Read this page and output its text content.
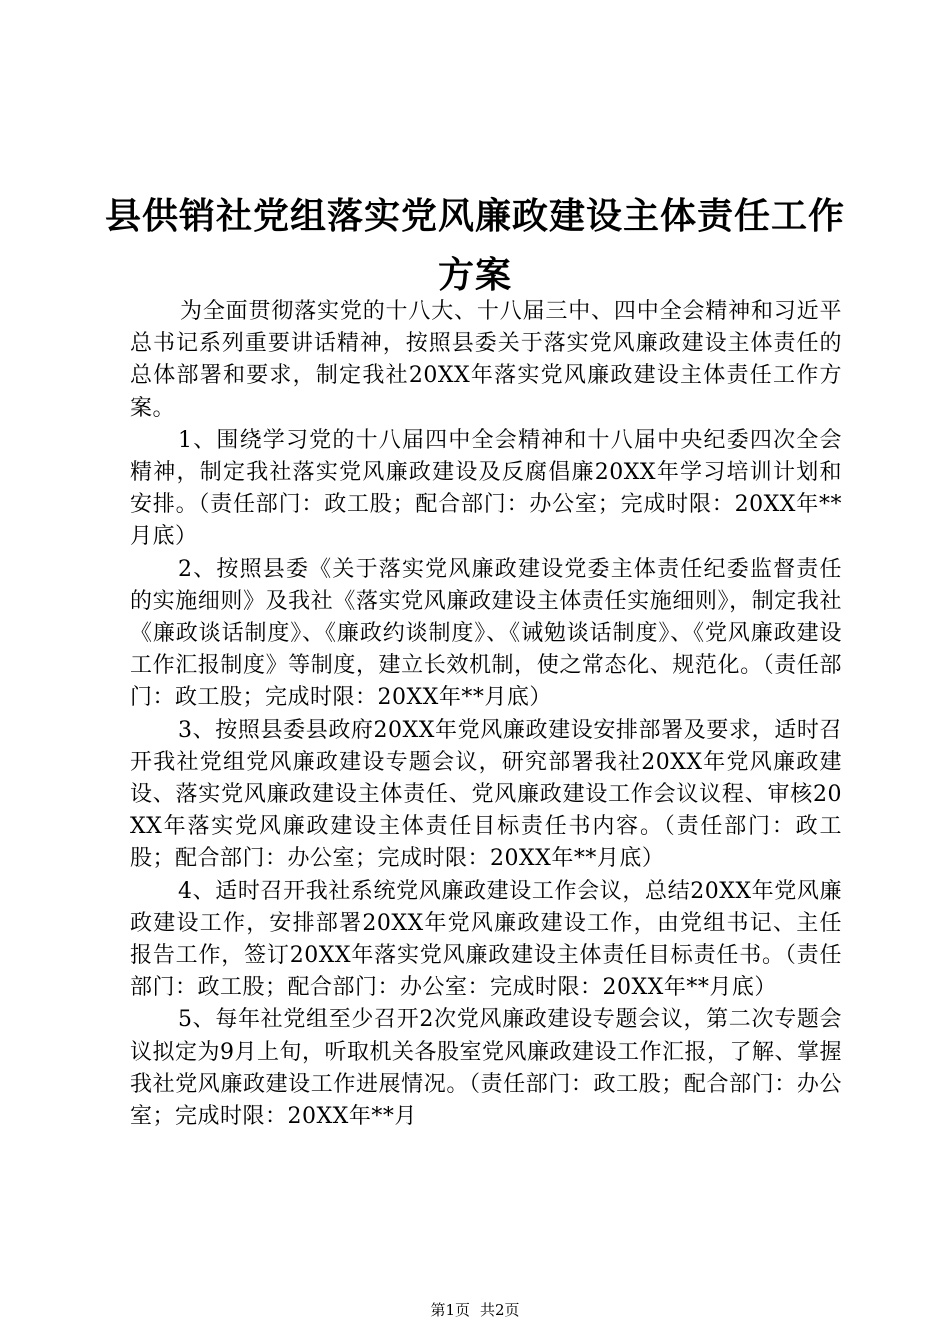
县供销社党组落实党风廉政建设主体责任工作
方案

为全面贯彻落实党的十八大、十八届三中、四中全会精神和习近平总书记系列重要讲话精神，按照县委关于落实党风廉政建设主体责任的总体部署和要求，制定我社20XX年落实党风廉政建设主体责任工作方案。

1、围绕学习党的十八届四中全会精神和十八届中央纪委四次全会精神，制定我社落实党风廉政建设及反腐倡廉20XX年学习培训计划和安排。（责任部门：政工股；配合部门：办公室；完成时限：20XX年**月底）

2、按照县委《关于落实党风廉政建设党委主体责任纪委监督责任的实施细则》及我社《落实党风廉政建设主体责任实施细则》，制定我社《廉政谈话制度》、《廉政约谈制度》、《诫勉谈话制度》、《党风廉政建设工作汇报制度》等制度，建立长效机制，使之常态化、规范化。（责任部门：政工股；完成时限：20XX年**月底）

3、按照县委县政府20XX年党风廉政建设安排部署及要求，适时召开我社党组党风廉政建设专题会议，研究部署我社20XX年党风廉政建设、落实党风廉政建设主体责任、党风廉政建设工作会议议程、审核20XX年落实党风廉政建设主体责任目标责任书内容。（责任部门：政工股；配合部门：办公室；完成时限：20XX年**月底）

4、适时召开我社系统党风廉政建设工作会议，总结20XX年党风廉政建设工作，安排部署20XX年党风廉政建设工作，由党组书记、主任报告工作，签订20XX年落实党风廉政建设主体责任目标责任书。（责任部门：政工股；配合部门：办公室：完成时限：20XX年**月底）

5、每年社党组至少召开2次党风廉政建设专题会议，第二次专题会议拟定为9月上旬，听取机关各股室党风廉政建设工作汇报，了解、掌握我社党风廉政建设工作进展情况。（责任部门：政工股；配合部门：办公室；完成时限：20XX年**月

第1页 共2页
